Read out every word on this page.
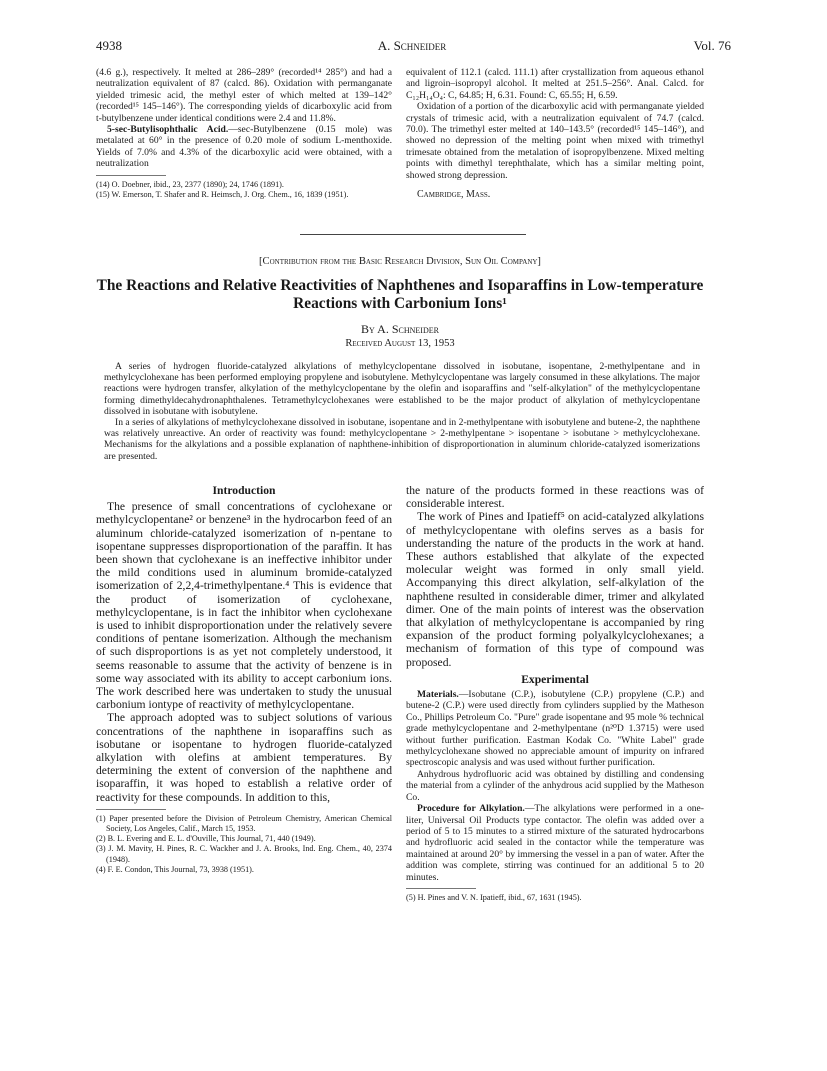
4938	A. Schneider	Vol. 76

(4.6 g.), respectively. It melted at 286–289° (recorded¹⁴ 285°) and had a neutralization equivalent of 87 (calcd. 86). Oxidation with permanganate yielded trimesic acid, the methyl ester of which melted at 139–142° (recorded¹⁵ 145–146°). The corresponding yields of dicarboxylic acid from t-butylbenzene under identical conditions were 2.4 and 11.8%.

5-sec-Butylisophthalic Acid.—sec-Butylbenzene (0.15 mole) was metalated at 60° in the presence of 0.20 mole of sodium L-menthoxide. Yields of 7.0% and 4.3% of the dicarboxylic acid were obtained, with a neutralization

(14) O. Doebner, ibid., 23, 2377 (1890); 24, 1746 (1891).

(15) W. Emerson, T. Shafer and R. Heimsch, J. Org. Chem., 16, 1839 (1951).

equivalent of 112.1 (calcd. 111.1) after crystallization from aqueous ethanol and ligroin–isopropyl alcohol. It melted at 251.5–256°. Anal. Calcd. for C₁₂H₁₄O₄: C, 64.85; H, 6.31. Found: C, 65.55; H, 6.59.

Oxidation of a portion of the dicarboxylic acid with permanganate yielded crystals of trimesic acid, with a neutralization equivalent of 74.7 (calcd. 70.0). The trimethyl ester melted at 140–143.5° (recorded¹⁵ 145–146°), and showed no depression of the melting point when mixed with trimethyl trimesate obtained from the metalation of isopropylbenzene. Mixed melting points with dimethyl terephthalate, which has a similar melting point, showed strong depression.

Cambridge, Mass.

[Contribution from the Basic Research Division, Sun Oil Company]
The Reactions and Relative Reactivities of Naphthenes and Isoparaffins in Low-temperature Reactions with Carbonium Ions¹
By A. Schneider
Received August 13, 1953

A series of hydrogen fluoride-catalyzed alkylations of methylcyclopentane dissolved in isobutane, isopentane, 2-methylpentane and in methylcyclohexane has been performed employing propylene and isobutylene. Methylcyclopentane was largely consumed in these alkylations. The major reactions were hydrogen transfer, alkylation of the methylcyclopentane by the olefin and isoparaffins and "self-alkylation" of the methylcyclopentane forming dimethyldecahydronaphthalenes. Tetramethylcyclohexanes were established to be the major product of alkylation of methylcyclopentane dissolved in isobutane with isobutylene.

In a series of alkylations of methylcyclohexane dissolved in isobutane, isopentane and in 2-methylpentane with isobutylene and butene-2, the naphthene was relatively unreactive. An order of reactivity was found: methylcyclopentane > 2-methylpentane > isopentane > isobutane > methylcyclohexane. Mechanisms for the alkylations and a possible explanation of naphthene-inhibition of disproportionation in aluminum chloride-catalyzed isomerizations are presented.

Introduction

The presence of small concentrations of cyclohexane or methylcyclopentane² or benzene³ in the hydrocarbon feed of an aluminum chloride-catalyzed isomerization of n-pentane to isopentane suppresses disproportionation of the paraffin. It has been shown that cyclohexane is an ineffective inhibitor under the mild conditions used in aluminum bromide-catalyzed isomerization of 2,2,4-trimethylpentane.⁴ This is evidence that the product of isomerization of cyclohexane, methylcyclopentane, is in fact the inhibitor when cyclohexane is used to inhibit disproportionation under the relatively severe conditions of pentane isomerization. Although the mechanism of such disproportions is as yet not completely understood, it seems reasonable to assume that the activity of benzene is in some way associated with its ability to accept carbonium ions. The work described here was undertaken to study the unusual carbonium iontype of reactivity of methylcyclopentane.

The approach adopted was to subject solutions of various concentrations of the naphthene in isoparaffins such as isobutane or isopentane to hydrogen fluoride-catalyzed alkylation with olefins at ambient temperatures. By determining the extent of conversion of the naphthene and isoparaffin, it was hoped to establish a relative order of reactivity for these compounds. In addition to this,

(1) Paper presented before the Division of Petroleum Chemistry, American Chemical Society, Los Angeles, Calif., March 15, 1953.

(2) B. L. Evering and E. L. d'Ouville, This Journal, 71, 440 (1949).

(3) J. M. Mavity, H. Pines, R. C. Wackher and J. A. Brooks, Ind. Eng. Chem., 40, 2374 (1948).

(4) F. E. Condon, This Journal, 73, 3938 (1951).

the nature of the products formed in these reactions was of considerable interest.

The work of Pines and Ipatieff⁵ on acid-catalyzed alkylations of methylcyclopentane with olefins serves as a basis for understanding the nature of the products in the work at hand. These authors established that alkylate of the expected molecular weight was formed in only small yield. Accompanying this direct alkylation, self-alkylation of the naphthene resulted in considerable dimer, trimer and alkylated dimer. One of the main points of interest was the observation that alkylation of methylcyclopentane is accompanied by ring expansion of the product forming polyalkylcyclohexanes; a mechanism of formation of this type of compound was proposed.

Experimental

Materials.—Isobutane (C.P.), isobutylene (C.P.) propylene (C.P.) and butene-2 (C.P.) were used directly from cylinders supplied by the Matheson Co., Phillips Petroleum Co. "Pure" grade isopentane and 95 mole % technical grade methylcyclopentane and 2-methylpentane (n²⁰D 1.3715) were used without further purification. Eastman Kodak Co. "White Label" grade methylcyclohexane showed no appreciable amount of impurity on infrared spectroscopic analysis and was used without further purification.

Anhydrous hydrofluoric acid was obtained by distilling and condensing the material from a cylinder of the anhydrous acid supplied by the Matheson Co.

Procedure for Alkylation.—The alkylations were performed in a one-liter, Universal Oil Products type contactor. The olefin was added over a period of 5 to 15 minutes to a stirred mixture of the saturated hydrocarbons and hydrofluoric acid sealed in the contactor while the temperature was maintained at around 20° by immersing the vessel in a pan of water. After the addition was complete, stirring was continued for an additional 5 to 20 minutes.

(5) H. Pines and V. N. Ipatieff, ibid., 67, 1631 (1945).
